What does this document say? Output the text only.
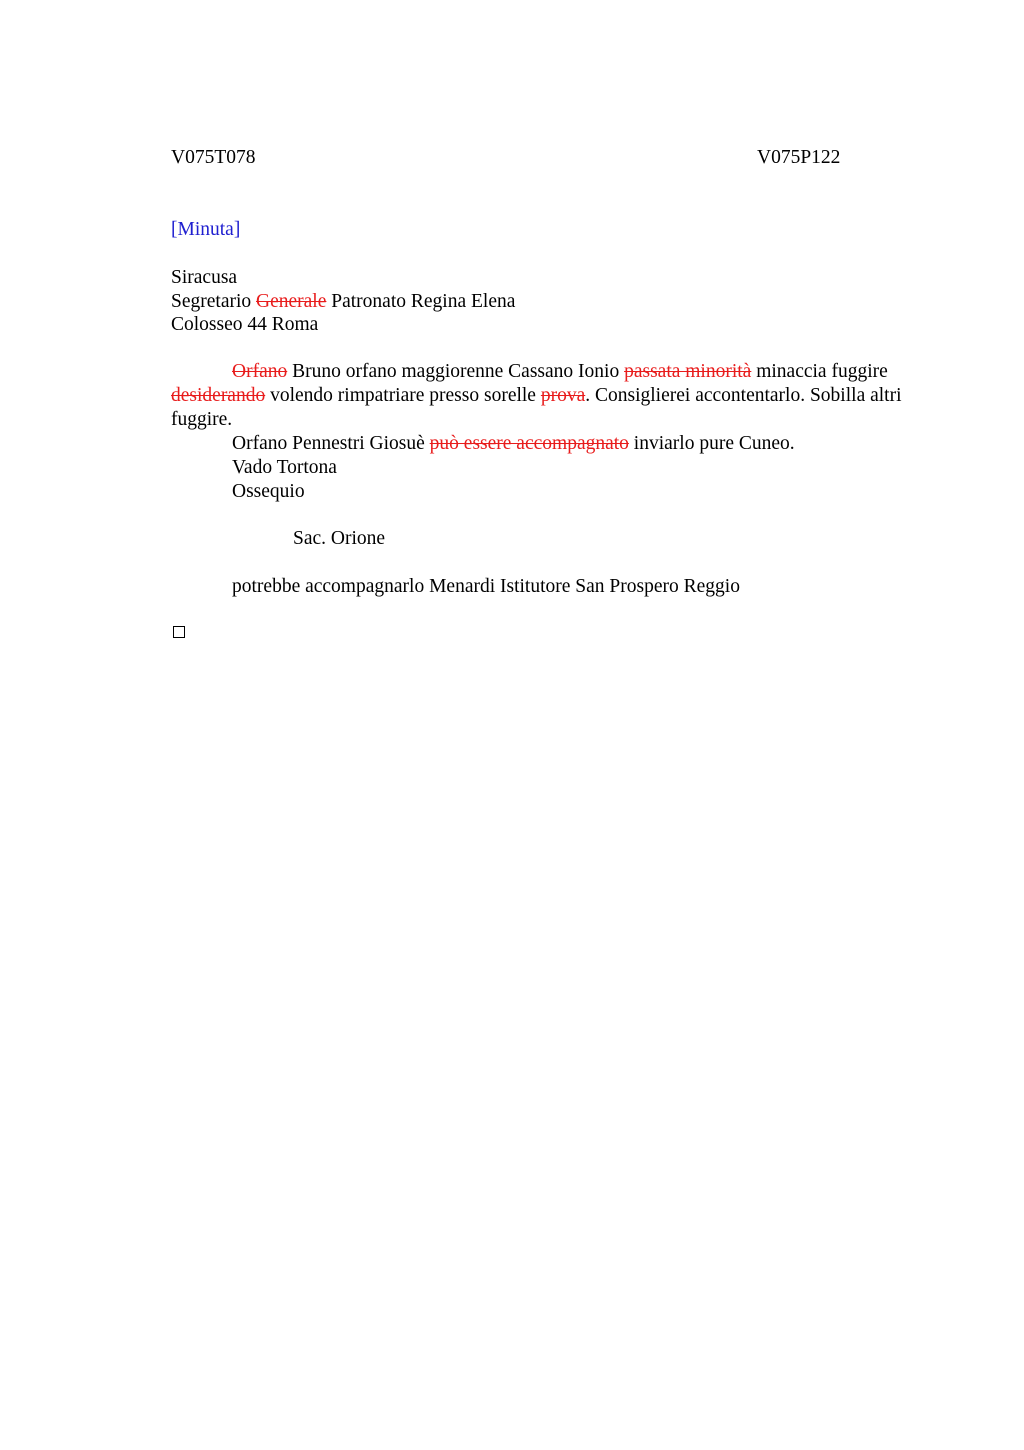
V075T078	V075P122
[Minuta]
Siracusa
Segretario Generale Patronato Regina Elena
Colosseo 44 Roma
Orfano Bruno orfano maggiorenne Cassano Ionio passata minorità minaccia fuggire desiderando volendo rimpatriare presso sorelle prova. Consiglierei accontentarlo. Sobilla altri fuggire.
Orfano Pennestri Giosuè può essere accompagnato inviarlo pure Cuneo.
Vado Tortona
Ossequio
Sac. Orione
potrebbe accompagnarlo Menardi Istitutore San Prospero Reggio
